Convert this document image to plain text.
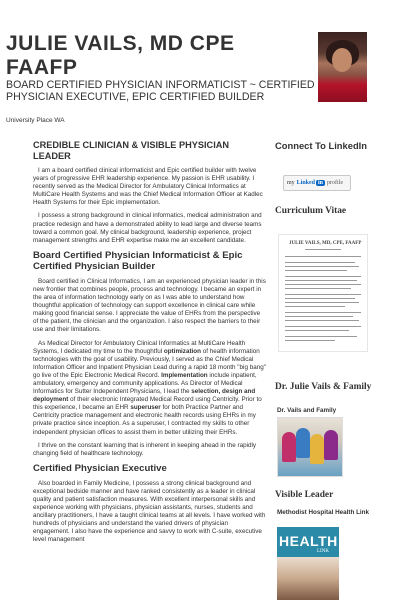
JULIE VAILS, MD CPE FAAFP
BOARD CERTIFIED PHYSICIAN INFORMATICIST ~ CERTIFIED PHYSICIAN EXECUTIVE, EPIC CERTIFIED BUILDER
University Place WA
CREDIBLE CLINICIAN & VISIBLE PHYSICIAN LEADER

I am a board certified clinical informaticist and Epic certified builder with twelve years of progressive EHR leadership experience. My passion is EHR usability. I recently served as the Medical Director for Ambulatory Clinical Informatics at MultiCare Health Systems and was the Chief Medical Information Officer at Kadlec Health Systems for their Epic implementation.

I possess a strong background in clinical informatics, medical administration and practice redesign and have a demonstrated ability to lead large and diverse teams toward a common goal. My clinical background, leadership experience, project management strengths and EHR expertise make me an excellent candidate.

Board Certified Physician Informaticist & Epic Certified Physician Builder

Board certified in Clinical Informatics, I am an experienced physician leader in this new frontier that combines people, process and technology. I became an expert in the area of information technology early on as I was able to understand how thoughtful application of technology can support excellence in clinical care while making good financial sense. I appreciate the value of EHRs from the perspective of the patient, the clinician and the organization. I also respect the barriers to their use and their limitations.

As Medical Director for Ambulatory Clinical Informatics at MultiCare Health Systems, I dedicated my time to the thoughtful optimization of health information technologies with the goal of usability. Previously, I served as the Chief Medical Information Officer and Inpatient Physician Lead during a rapid 18 month "big bang" go live of the Epic Electronic Medical Record. Implementation include inpatient, ambulatory, emergency and community applications. As Director of Medical Informatics for Sutter Independent Physicians, I lead the selection, design and deployment of their electronic Integrated Medical Record using Centricity. Prior to this experience, I became an EHR superuser for both Practice Partner and Centricity practice management and electronic health records using EHRs in my private practice since inception. As a superuser, I contracted my skills to other independent physician offices to assist them in better utilizing their EHRs.

I thrive on the constant learning that is inherent in keeping ahead in the rapidly changing field of healthcare technology.

Certified Physician Executive

Also boarded in Family Medicine, I possess a strong clinical background and exceptional bedside manner and have ranked consistently as a leader in clinical quality and patient satisfaction measures. With excellent interpersonal skills and experience working with physicians, physician assistants, nurses, students and ancillary practitioners, I have a taught clinical teams at all levels. I have worked with hundreds of physicians and understand the varied drivers of physician engagement. I also have the experience and savvy to work with C-suite, executive level management

Connect To LinkedIn
my Linked in profile
Curriculum Vitae
JULIE VAILS, MD, CPE, FAAFP
Dr. Julie Vails & Family
Dr. Vails and Family
Visible Leader
Methodist Hospital Health Link
HEALTH
LINK
